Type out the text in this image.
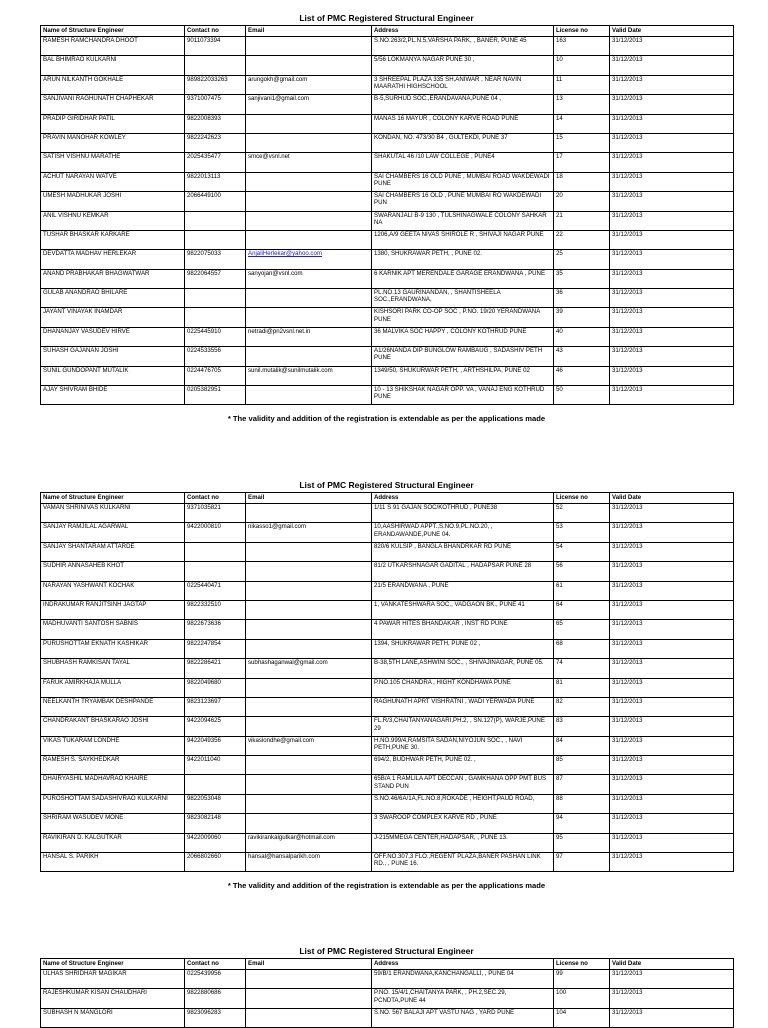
List of PMC Registered Structural Engineer

Name of Structure Engineer	Contact no	Email	Address	License no	Valid Date
RAMESH RAMCHANDRA DHOOT	9011073394		S.NO.263/2,PL.N.5,VARSHA PARK, , BANER, PUNE 45	163	31/12/2013
BAL BHIMRAO KULKARNI			5/56 LOKMANYA NAGAR PUNE 30 ,	10	31/12/2013
ARUN NILKANTH GOKHALE	989822033263	arungokh@gmail.com	3 SHREEPAL PLAZA 335 SH,ANIWAR , NEAR NAVIN MAARATHI HIGHSCHOOL	11	31/12/2013
SANJIVANI RAGHUNATH CHAPHEKAR	9371007475	sanjivani1@gmail.com	B-5,SURHUD SOC.,ERANDAVANA,PUNE 04 ,	13	31/12/2013
PRADIP GIRIDHAR PATIL	9822008393		MANAS 16 MAYUR , COLONY KARVE ROAD PUNE	14	31/12/2013
PRAVIN MANOHAR KOWLEY	9822242623		KONDAN, NO. 473/30 B4 , GULTEKDI, PUNE 37	15	31/12/2013
SATISH VISHNU MARATHE	2025435477	smce@vsnl.net	SHAKUTAL 46 /10 LAW COLLEGE , PUNE4	17	31/12/2013
ACHUT NARAYAN WATVE	9822013113		SAI CHAMBERS 16 OLD PUNE , MUMBAI ROAD WAKDEWADI PUNE	18	31/12/2013
UMESH MADHUKAR JOSHI	2066449100		SAI CHAMBERS 16 OLD , PUNE MUMBAI RO WAKDEWADI PUN	20	31/12/2013
ANIL VISHNU KEMKAR			SWARANJALI B-9 130 , TULSHINAGWALE COLONY SAHKAR NA	21	31/12/2013
TUSHAR BHASKAR KARKARE			1206,A/9 GEETA NIVAS SHIROLE R , SHIVAJI NAGAR PUNE	22	31/12/2013
DEVDATTA MADHAV HERLEKAR	9822075033	AnjaliHerlekar@yahoo.com	1380, SHUKRAWAR PETH, , PUNE 02.	25	31/12/2013
ANAND PRABHAKAR BHAGWATWAR	9822064557	sanyojan@vsnl.com	6 KARNIK APT MERENDALE GARAGE ERANDWANA , PUNE	35	31/12/2013
GULAB ANANDRAO BHILARE			PL.NO.13 GAURINANDAN, , SHANTISHEELA SOC.,ERANDWANA,	36	31/12/2013
JAYANT VINAYAK INAMDAR			KISHSORI PARK CO-OP SOC , P.NO. 19/20 YERANDWANA PUNE	39	31/12/2013
DHANANJAY VASUDEV HIRVE	0225445910	netradi@pn2vsnl.net.in	36 MALVIKA SOC HAPPY , COLONY KOTHRUD PUNE	40	31/12/2013
SUHASH GAJANAN JOSHI	0224533556		A1/26NANDA DIP BUNGLOW RAMBAUG , SADASHIV PETH PUNE	43	31/12/2013
SUNIL GUNDOPANT MUTALIK	0224476705	sunil.mutalik@sunilmutalik.com	1349/50, SHUKURWAR PETH, , ARTHSHILPA, PUNE 02	46	31/12/2013
AJAY SHIVRAM BHIDE	0205382951		10 - 13 SHIKSHAK NAGAR OPP. VA , VANAJ ENG KOTHRUD PUNE	50	31/12/2013

* The validity and addition of the registration is extendable as per the applications made

List of PMC Registered Structural Engineer

Name of Structure Engineer	Contact no	Email	Address	License no	Valid Date
VAMAN SHRINIVAS KULKARNI	9371035821		1/11 S 91 GAJAN SOC/KOTHRUD , PUNE38	52	31/12/2013
SANJAY RAMJILAL AGARWAL	9422000810	nikasso1@gmail.com	10,AASHIRWAD APPT.,S.NO.9,PL.NO.20, , ERANDAWANDE,PUNE 04.	53	31/12/2013
SANJAY SHANTARAM ATTARDE			820/6 KULSIP , BANGLA BHANDRKAR RD PUNE	54	31/12/2013
SUDHIR ANNASAHEB KHOT			81/2 UTKARSHNAGAR GADITAL , HADAPSAR PUNE 28	56	31/12/2013
NARAYAN YASHWANT KOCHAK	0225440471		21/5 ERANDWANA , PUNE	61	31/12/2013
INDRAKUMAR RANJITSINH JAGTAP	9822332510		1, VANKATESHWARA SOC., VADGAON BK., PUNE 41	64	31/12/2013
MADHUVANTI SANTOSH SABNIS	9822673636		4 PAWAR HITES BHANDAKAR , INST RD PUNE	65	31/12/2013
PURUSHOTTAM EKNATH KASHIKAR	9822247854		1394, SHUKRAWAR PETH, PUNE 02 ,	68	31/12/2013
SHUBHASH RAMKISAN TAYAL	9822286421	subhashaganwal@gmail.com	B-38,5TH LANE,ASHWINI SOC., , SHIVAJINAGAR, PUNE 05.	74	31/12/2013
FARUK AMIRKHAJA MULLA	9822049680		P.NO.105 CHANDRA , HIGHT KONDHAWA PUNE	81	31/12/2013
NEELKANTH TRYAMBAK DESHPANDE	9823123697		RAGHUNATH APRT VISHRATNI , WADI YERWADA PUNE	82	31/12/2013
CHANDRAKANT BHASKARAO JOSHI	9422094625		FL.R/3,CHAITANYANAGARI,PH.2, , SN.127(P), WARJE,PUNE 29	83	31/12/2013
VIKAS TUKARAM LONDHE	9422049356	vikaslondhe@gmail.com	H.NO.999/4,RAMSITA SADAN,NIYOJUN SOC., , NAVI PETH,PUNE 30.	84	31/12/2013
RAMESH S. SAYKHEDKAR	9422011040		694/2, BUDHWAR PETH, PUNE 02. ,	85	31/12/2013
DHAIRYASHIL MADHAVRAO KHAIRE			65B/A 1 RAMLILA APT DECCAN , GAMKHANA OPP PMT BUS STAND PUN	87	31/12/2013
PUROSHOTTAM SADASHIVRAO KULKARNI	9822053048		S.NO.46/6A/1A,FL.NO.8,ROKADE , HEIGHT,PAUD ROAD,	88	31/12/2013
SHRIRAM WASUDEV MONE	9823082148		3 SWAROOP COMPLEX KARVE RD , PUNE	94	31/12/2013
RAVIKIRAN D. KALGUTKAR	9422009060	ravikirankalgutkar@hotmail.com	J-215MMEGA CENTER,HADAPSAR, , PUNE 13.	95	31/12/2013
HANSAL S. PARIKH	2066802660	hansal@hansalparikh.com	OFF.NO.307,3 FLO.,REGENT PLAZA,BANER PASHAN LINK RD., , PUNE 16.	97	31/12/2013

* The validity and addition of the registration is extendable as per the applications made

List of PMC Registered Structural Engineer

Name of Structure Engineer	Contact no	Email	Address	License no	Valid Date
ULHAS SHRIDHAR MAGIKAR	0225439956		59/B/1 ERANDWANA,KANCHANGALLI, , PUNE 04	99	31/12/2013
RAJESHKUMAR KISAN CHAUDHARI	9822880686		P.NO. 15/4/1,CHAITANYA PARK, , PH.2,SEC.29, PCNDTA,PUNE 44	100	31/12/2013
SUBHASH N MANGLORI	9823096283		S.NO. 567 BALAJI APT VASTU NAG , YARD PUNE	104	31/12/2013
